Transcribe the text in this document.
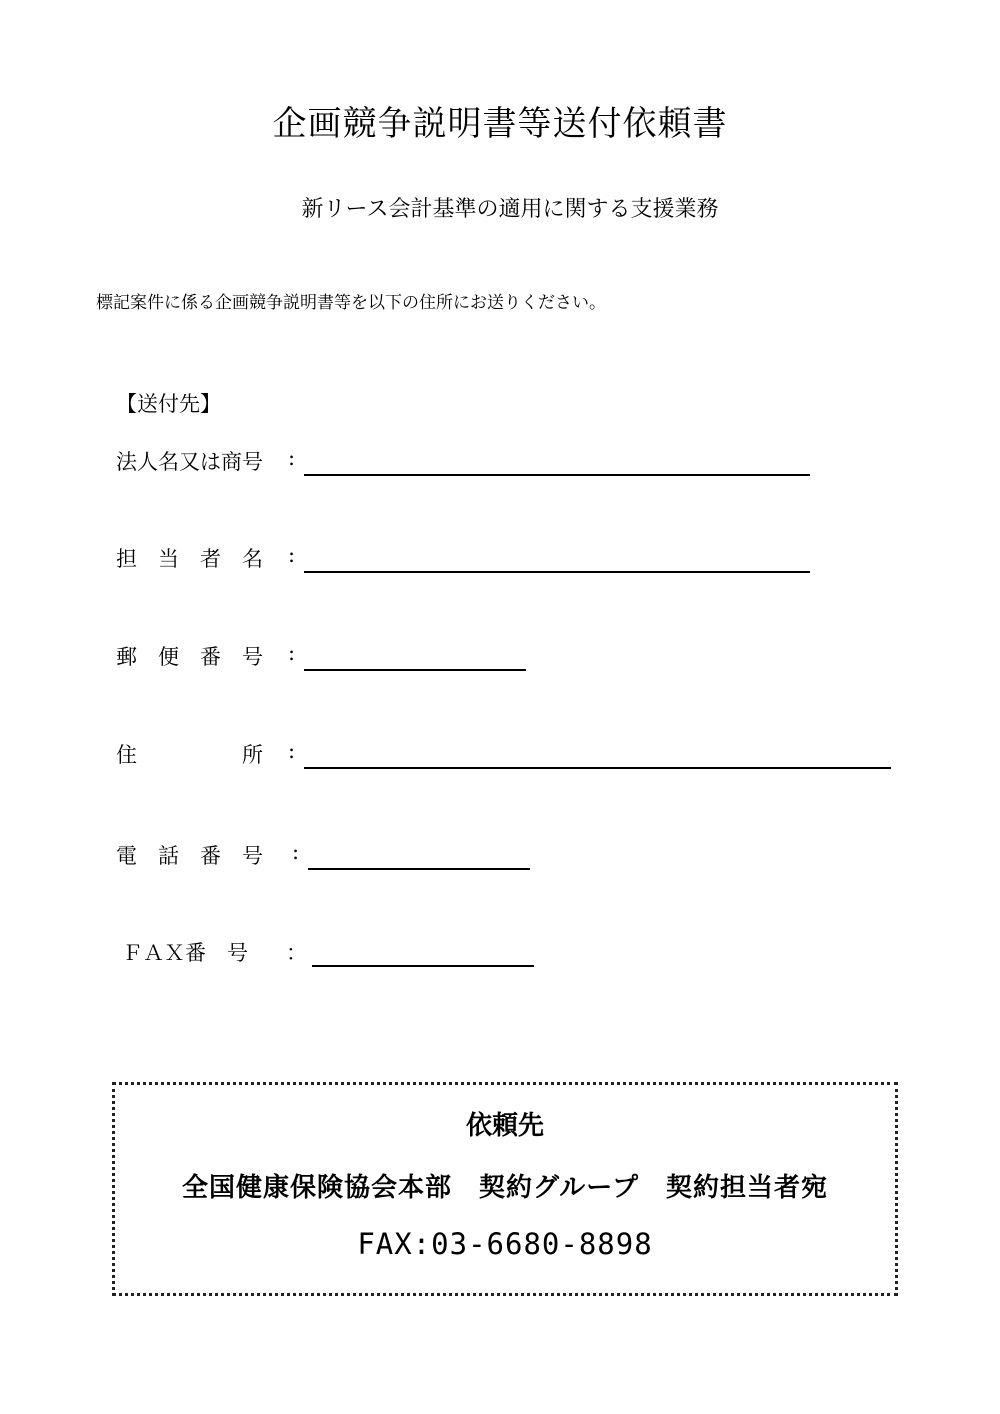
企画競争説明書等送付依頼書
新リース会計基準の適用に関する支援業務
標記案件に係る企画競争説明書等を以下の住所にお送りください。
【送付先】
法人名又は商号 :
担　当　者　名 :
郵　便　番　号 :
住　　　　　所 :
電　話　番　号 :
ＦＡＸ番　号 ：
依頼先
全国健康保険協会本部　契約グループ　契約担当者宛
FAX:03-6680-8898
